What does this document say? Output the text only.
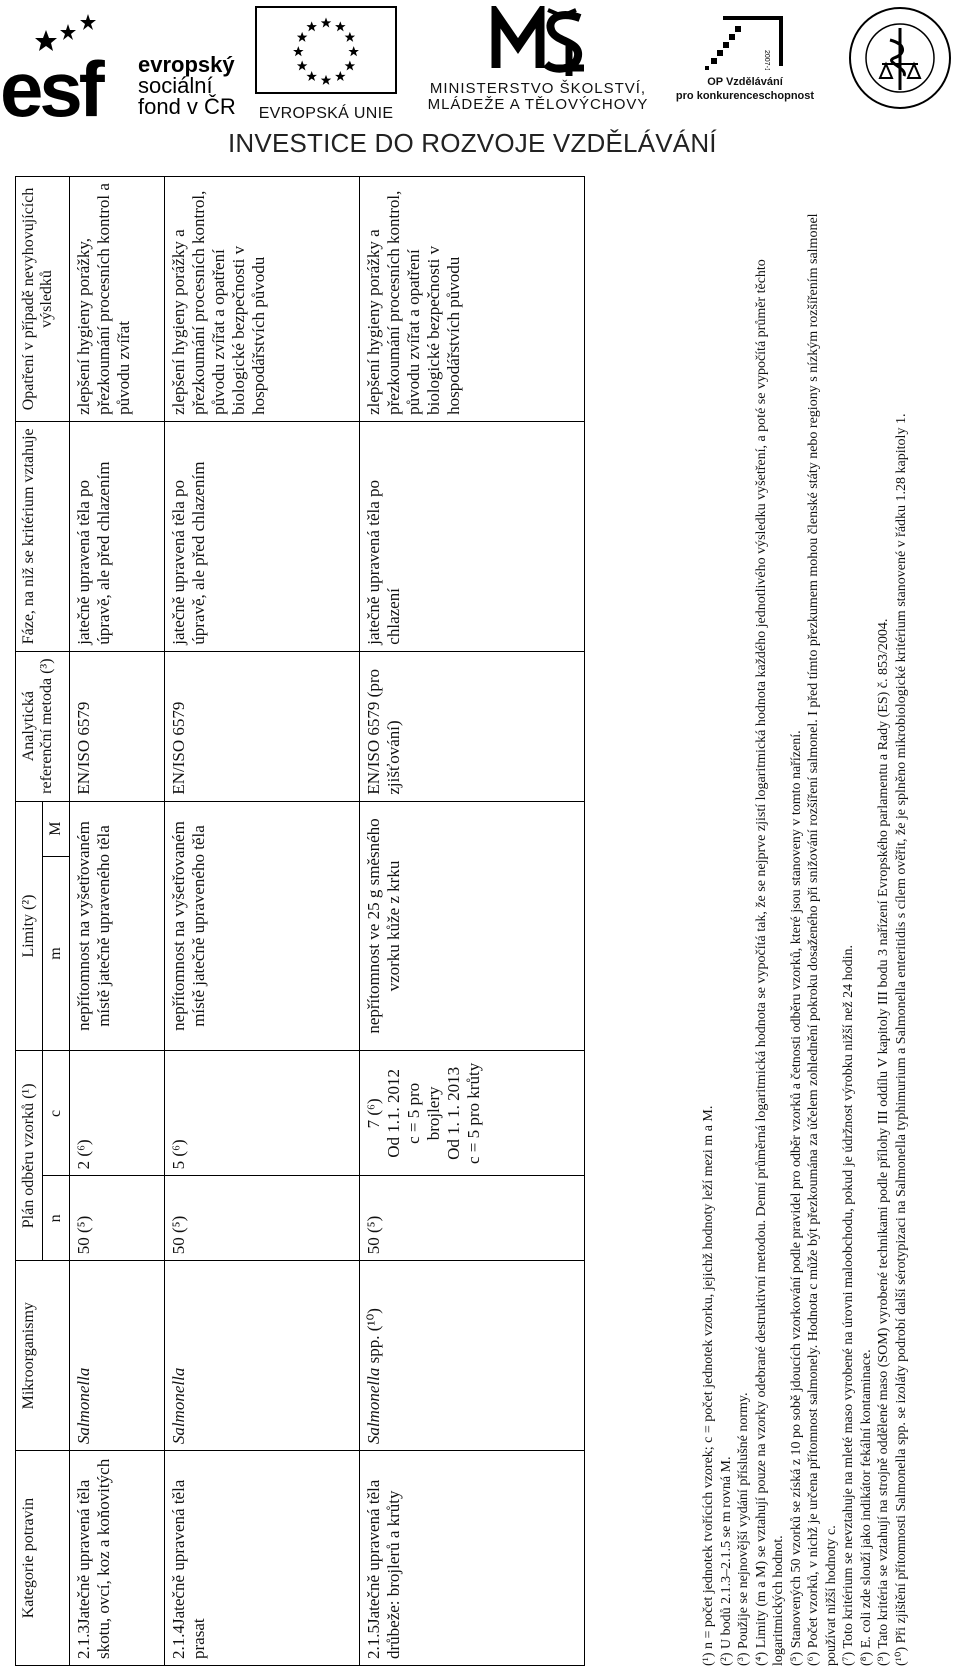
esf evropský
sociální
fond v ČR EVROPSKÁ UNIE
MINISTERSTVO ŠKOLSTVÍ,
MLÁDEŽE A TĚLOVÝCHOVY
2007-13
OP Vzdělávání
pro konkurenceschopnost
INVESTICE DO ROZVOJE VZDĚLÁVÁNÍ
Kategorie potravin	Mikroorganismy	Plán odběru vzorků (¹)		Limity (²)		Analytická referenční metoda (³)	Fáze, na niž se kritérium vztahuje	Opatření v případě nevyhovujících výsledků
		n	c	m	M			
2.1.3Jatečně upravená těla skotu, ovcí, koz a koňovitých	Salmonella	50 (⁵)	2 (⁶)	nepřítomnost na vyšetřovaném místě jatečně upraveného těla		EN/ISO 6579	jatečně upravená těla po úpravě, ale před chlazením	zlepšení hygieny porážky, přezkoumání procesních kontrol a původu zvířat
2.1.4Jatečně upravená těla prasat	Salmonella	50 (⁵)	5 (⁶)	nepřítomnost na vyšetřovaném místě jatečně upraveného těla		EN/ISO 6579	jatečně upravená těla po úpravě, ale před chlazením	zlepšení hygieny porážky a přezkoumání procesních kontrol, původu zvířat a opatření biologické bezpečnosti v hospodářstvích původu
2.1.5Jatečně upravená těla drůbeže: brojlerů a krůty	Salmonella spp. (¹⁰)	50 (⁵)	7 (⁶) Od 1.1. 2012 c = 5 pro brojlery Od 1. 1. 2013 c = 5 pro krůty	nepřítomnost ve 25 g směsného vzorku kůže z krku		EN/ISO 6579 (pro zjišťování)	jatečně upravená těla po chlazení	zlepšení hygieny porážky a přezkoumání procesních kontrol, původu zvířat a opatření biologické bezpečnosti v hospodářstvích původu

(¹) n = počet jednotek tvořících vzorek; c = počet jednotek vzorku, jejichž hodnoty leží mezi m a M. (²) U bodů 2.1.3–2.1.5 se m rovná M. (³) Použije se nejnovější vydání příslušné normy. (⁴) Limity (m a M) se vztahují pouze na vzorky odebrané destruktivní metodou. Denní průměrná logaritmická hodnota se vypočítá tak, že se nejprve zjistí logaritmická hodnota každého jednotlivého výsledku vyšetření, a poté se vypočítá průměr těchto logaritmických hodnot. (⁵) Stanovených 50 vzorků se získá z 10 po sobě jdoucích vzorkování podle pravidel pro odběr vzorků a četnosti odběru vzorků, které jsou stanoveny v tomto nařízení. (⁶) Počet vzorků, v nichž je určena přítomnost salmonely. Hodnota c může být přezkoumána za účelem zohlednění pokroku dosaženého při snižování rozšíření salmonel. I před tímto přezkumem mohou členské státy nebo regiony s nízkým rozšířením salmonel používat nižší hodnoty c. (⁷) Toto kritérium se nevztahuje na mleté maso vyrobené na úrovni maloobchodu, pokud je údržnost výrobku nižší než 24 hodin. (⁸) E. coli zde slouží jako indikátor fekální kontaminace. (⁹) Tato kritéria se vztahují na strojně oddělené maso (SOM) vyrobené technikami podle přílohy III oddílu V kapitoly III bodu 3 nařízení Evropského parlamentu a Rady (ES) č. 853/2004. (¹⁰) Při zjištění přítomnosti Salmonella spp. se izoláty podrobí další sérotypizaci na Salmonella typhimurium a Salmonella enteritidis s cílem ověřit, že je splněno mikrobiologické kritérium stanovené v řádku 1.28 kapitoly 1.
